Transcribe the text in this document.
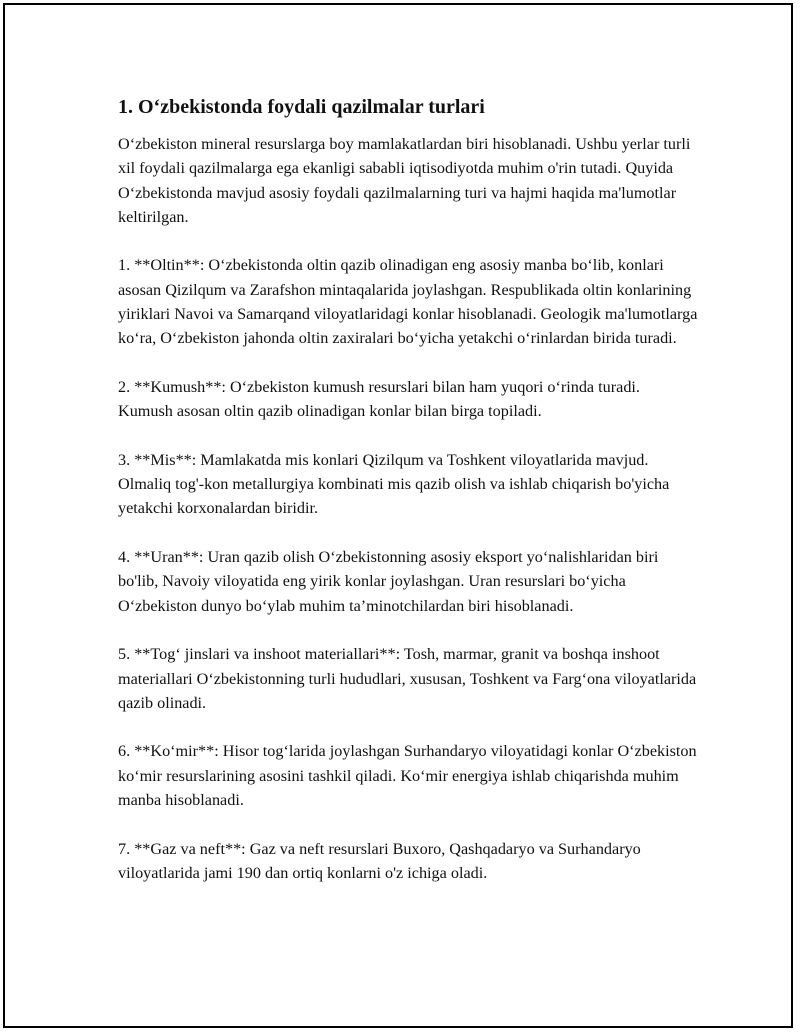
1. O‘zbekistonda foydali qazilmalar turlari

O‘zbekiston mineral resurslarga boy mamlakatlardan biri hisoblanadi. Ushbu yerlar turli xil foydali qazilmalarga ega ekanligi sababli iqtisodiyotda muhim o'rin tutadi. Quyida O‘zbekistonda mavjud asosiy foydali qazilmalarning turi va hajmi haqida ma'lumotlar keltirilgan.

1. **Oltin**: O‘zbekistonda oltin qazib olinadigan eng asosiy manba bo‘lib, konlari asosan Qizilqum va Zarafshon mintaqalarida joylashgan. Respublikada oltin konlarining yiriklari Navoi va Samarqand viloyatlaridagi konlar hisoblanadi. Geologik ma'lumotlarga ko‘ra, O‘zbekiston jahonda oltin zaxiralari bo‘yicha yetakchi o‘rinlardan birida turadi.

2. **Kumush**: O‘zbekiston kumush resurslari bilan ham yuqori o‘rinda turadi. Kumush asosan oltin qazib olinadigan konlar bilan birga topiladi.

3. **Mis**: Mamlakatda mis konlari Qizilqum va Toshkent viloyatlarida mavjud. Olmaliq tog'-kon metallurgiya kombinati mis qazib olish va ishlab chiqarish bo'yicha yetakchi korxonalardan biridir.

4. **Uran**: Uran qazib olish O‘zbekistonning asosiy eksport yo‘nalishlaridan biri bo'lib, Navoiy viloyatida eng yirik konlar joylashgan. Uran resurslari bo‘yicha O‘zbekiston dunyo bo‘ylab muhim ta’minotchilardan biri hisoblanadi.

5. **Tog‘ jinslari va inshoot materiallari**: Tosh, marmar, granit va boshqa inshoot materiallari O‘zbekistonning turli hududlari, xususan, Toshkent va Farg‘ona viloyatlarida qazib olinadi.

6. **Ko‘mir**: Hisor tog‘larida joylashgan Surhandaryo viloyatidagi konlar O‘zbekiston ko‘mir resurslarining asosini tashkil qiladi. Ko‘mir energiya ishlab chiqarishda muhim manba hisoblanadi.

7. **Gaz va neft**: Gaz va neft resurslari Buxoro, Qashqadaryo va Surhandaryo viloyatlarida jami 190 dan ortiq konlarni o'z ichiga oladi.
